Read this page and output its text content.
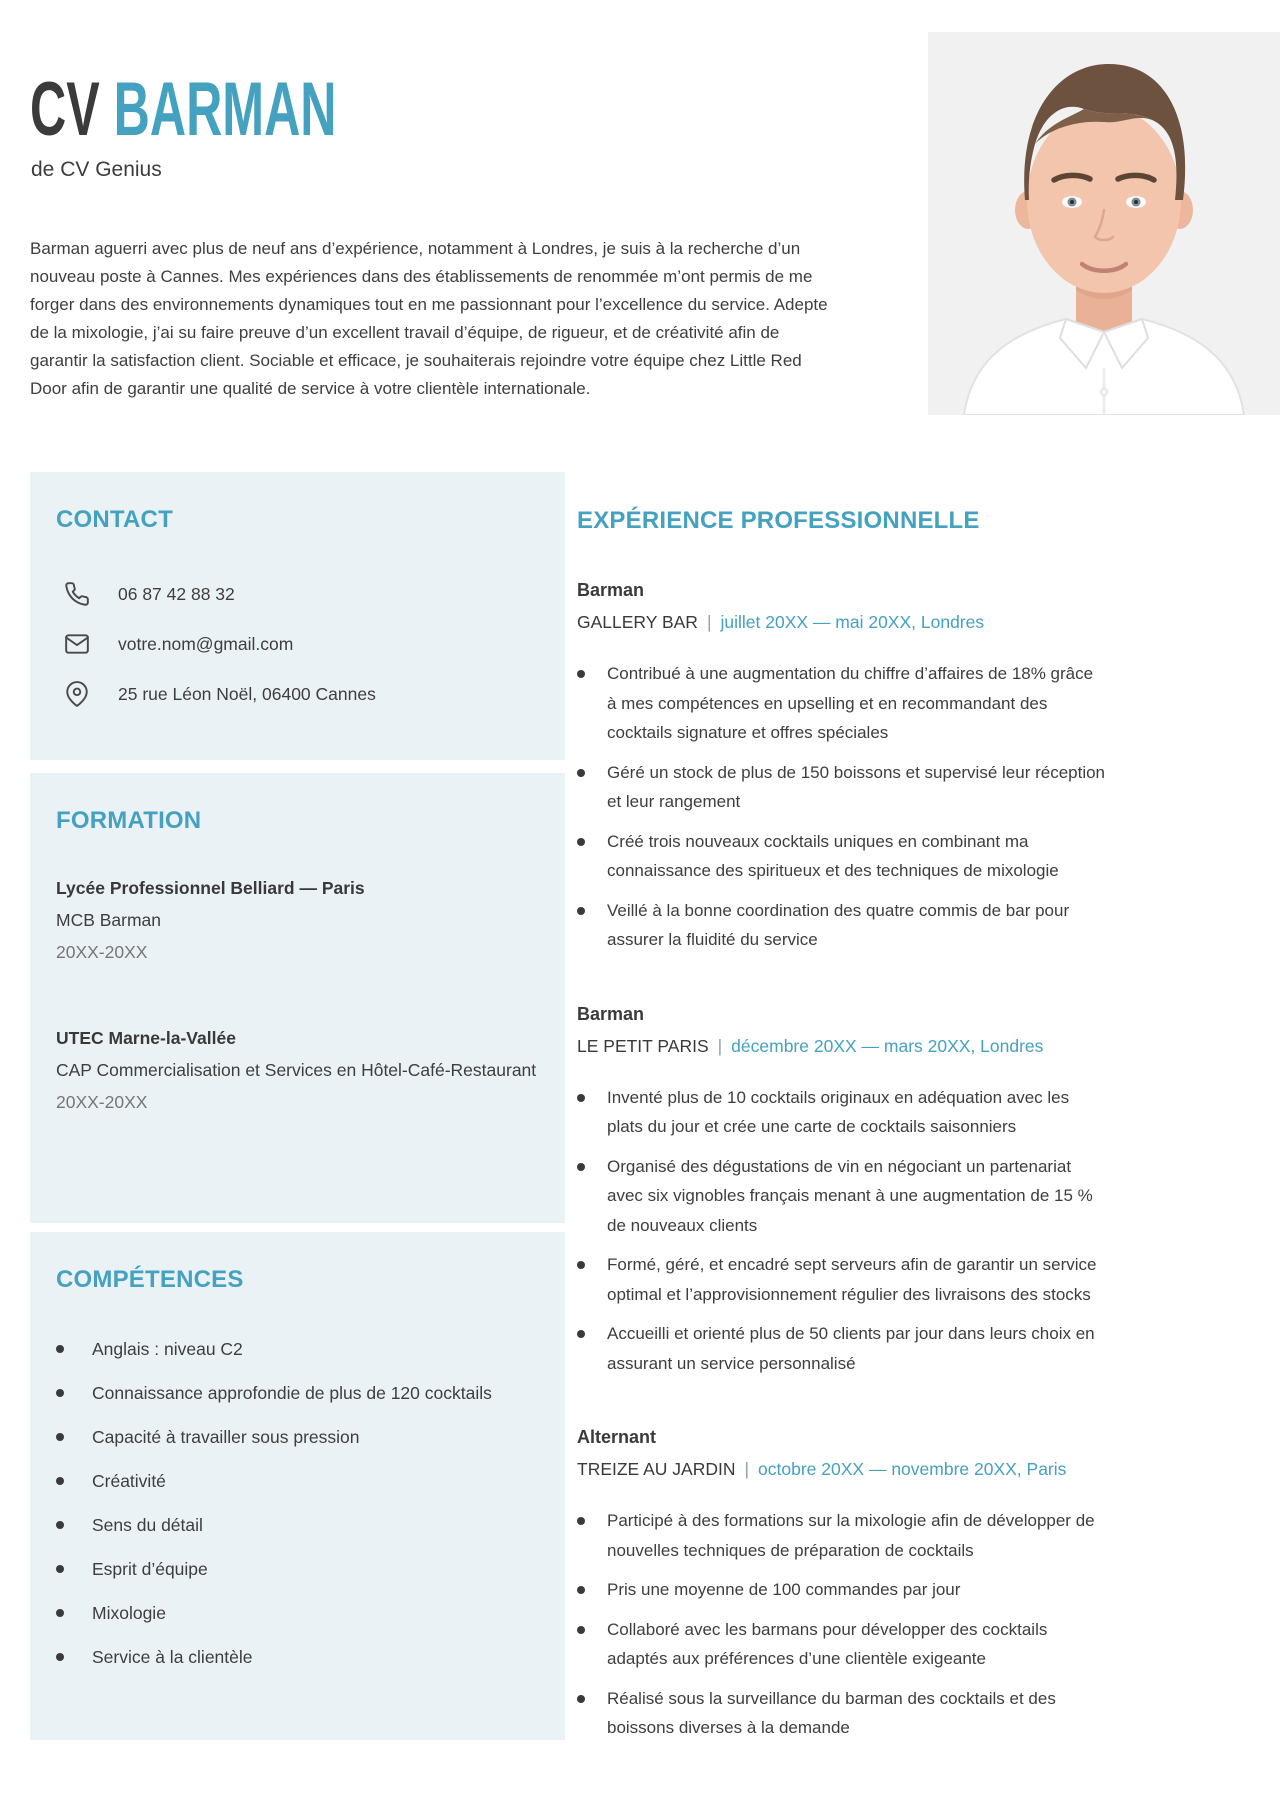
CV BARMAN
de CV Genius

Barman aguerri avec plus de neuf ans d’expérience, notamment à Londres, je suis à la recherche d’un nouveau poste à Cannes. Mes expériences dans des établissements de renommée m’ont permis de me forger dans des environnements dynamiques tout en me passionnant pour l’excellence du service. Adepte de la mixologie, j’ai su faire preuve d’un excellent travail d’équipe, de rigueur, et de créativité afin de garantir la satisfaction client. Sociable et efficace, je souhaiterais rejoindre votre équipe chez Little Red Door afin de garantir une qualité de service à votre clientèle internationale.

CONTACT
06 87 42 88 32
votre.nom@gmail.com
25 rue Léon Noël, 06400 Cannes
FORMATION
Lycée Professionnel Belliard — Paris
MCB Barman
20XX-20XX
UTEC Marne-la-Vallée
CAP Commercialisation et Services en Hôtel-Café-Restaurant
20XX-20XX
COMPÉTENCES
Anglais : niveau C2
Connaissance approfondie de plus de 120 cocktails
Capacité à travailler sous pression
Créativité
Sens du détail
Esprit d’équipe
Mixologie
Service à la clientèle
EXPÉRIENCE PROFESSIONNELLE
Barman
GALLERY BAR | juillet 20XX — mai 20XX, Londres
Contribué à une augmentation du chiffre d’affaires de 18% grâce à mes compétences en upselling et en recommandant des cocktails signature et offres spéciales
Géré un stock de plus de 150 boissons et supervisé leur réception et leur rangement
Créé trois nouveaux cocktails uniques en combinant ma connaissance des spiritueux et des techniques de mixologie
Veillé à la bonne coordination des quatre commis de bar pour assurer la fluidité du service
Barman
LE PETIT PARIS | décembre 20XX — mars 20XX, Londres
Inventé plus de 10 cocktails originaux en adéquation avec les plats du jour et crée une carte de cocktails saisonniers
Organisé des dégustations de vin en négociant un partenariat avec six vignobles français menant à une augmentation de 15 % de nouveaux clients
Formé, géré, et encadré sept serveurs afin de garantir un service optimal et l’approvisionnement régulier des livraisons des stocks
Accueilli et orienté plus de 50 clients par jour dans leurs choix en assurant un service personnalisé
Alternant
TREIZE AU JARDIN | octobre 20XX — novembre 20XX, Paris
Participé à des formations sur la mixologie afin de développer de nouvelles techniques de préparation de cocktails
Pris une moyenne de 100 commandes par jour
Collaboré avec les barmans pour développer des cocktails adaptés aux préférences d’une clientèle exigeante
Réalisé sous la surveillance du barman des cocktails et des boissons diverses à la demande
